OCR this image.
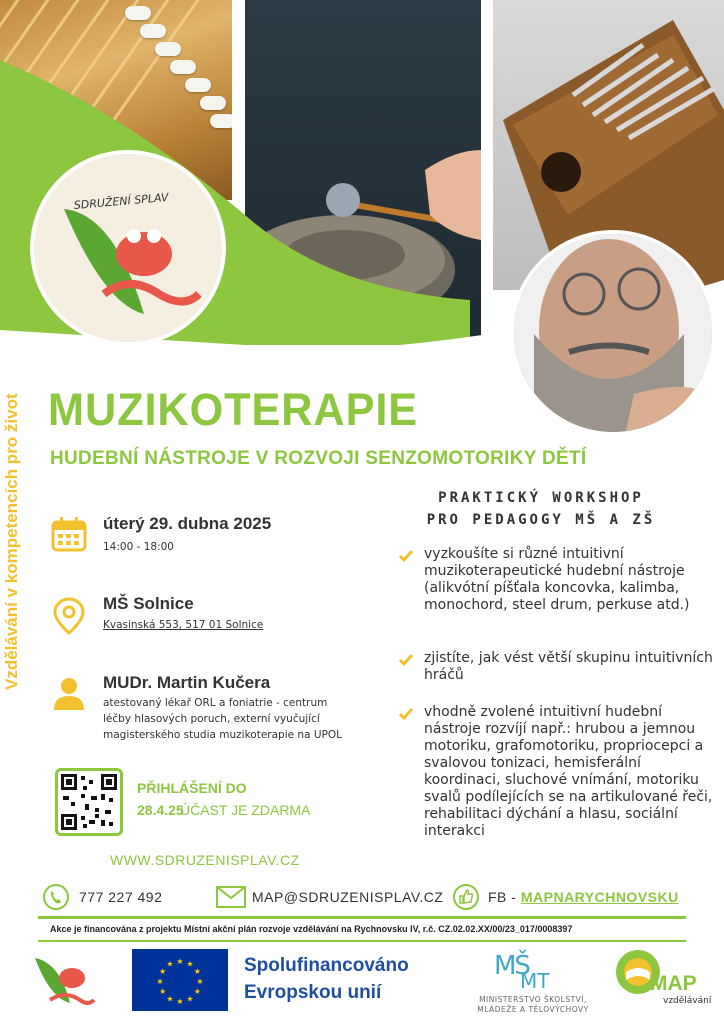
SDRUŽENÍ SPLAV
Vzdělávání v kompetencích pro život MUZIKOTERAPIE
HUDEBNÍ NÁSTROJE V ROZVOJI SENZOMOTORIKY DĚTÍ
úterý 29. dubna 2025
14:00 - 18:00
MŠ Solnice
Kvasinská 553, 517 01 Solnice
MUDr. Martin Kučera
atestovaný lékař ORL a foniatrie - centrum
léčby hlasových poruch, externí vyučující
magisterského studia muzikoterapie na UPOL
PRAKTICKÝ WORKSHOP
PRO PEDAGOGY MŠ A ZŠ
vyzkoušíte si různé intuitivní muzikoterapeutické hudební nástroje (alikvótní píšťala koncovka, kalimba, monochord, steel drum, perkuse atd.)
zjistíte, jak vést větší skupinu intuitivních hráčů
vhodně zvolené intuitivní hudební nástroje rozvíjí např.: hrubou a jemnou motoriku, grafomotoriku, propriocepci a svalovou tonizaci, hemisferální koordinaci, sluchové vnímání, motoriku svalů podílejících se na artikulované řeči, rehabilitaci dýchání a hlasu, sociální interakci
PŘIHLÁŠENÍ DO
28.4.25
ÚČAST JE ZDARMA
WWW.SDRUZENISPLAV.CZ
777 227 492	MAP@SDRUZENISPLAV.CZ	FB - MAPNARYCHNOVSKU
Akce je financována z projektu Místní akční plán rozvoje vzdělávání na Rychnovsku IV, r.č. CZ.02.02.XX/00/23_017/0008397
★
★
★
★
★
★
★
★
★ ★ ★
★ Spolufinancováno
Evropskou unií
MŠ
MT
MINISTERSTVO ŠKOLSTVÍ,
MLÁDEŽE A TĚLOVÝCHOVY
MAP
vzdělávání
